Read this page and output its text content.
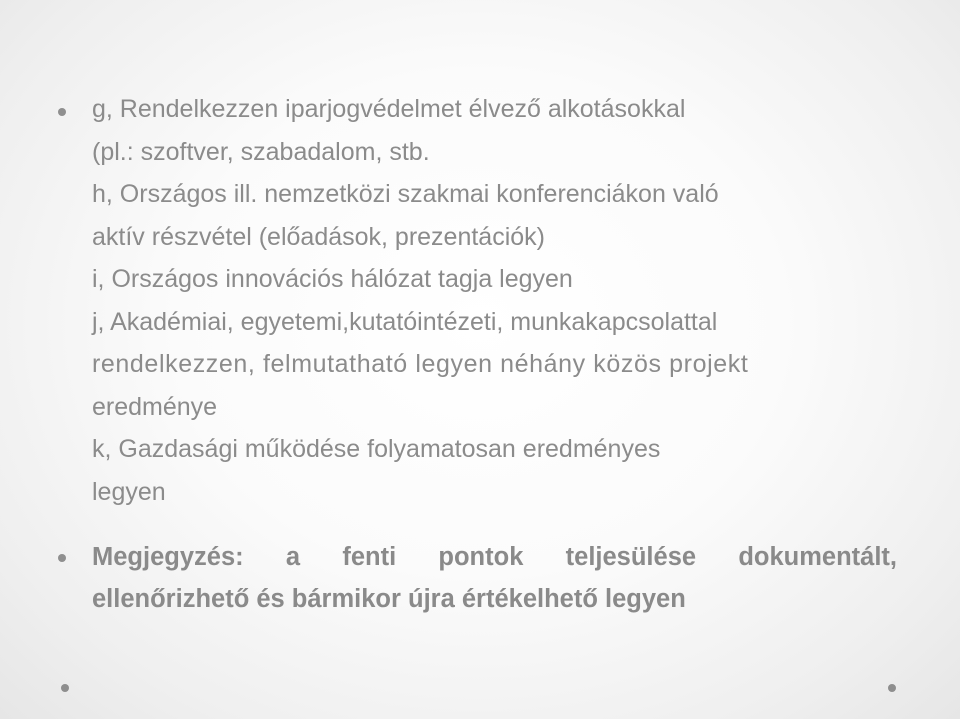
g, Rendelkezzen iparjogvédelmet élvező alkotásokkal
(pl.: szoftver, szabadalom, stb.
h, Országos ill. nemzetközi szakmai konferenciákon való
aktív részvétel (előadások, prezentációk)
i, Országos innovációs hálózat tagja legyen
j, Akadémiai, egyetemi,kutatóintézeti, munkakapcsolattal
rendelkezzen, felmutatható legyen néhány közös projekt
eredménye
k, Gazdasági működése folyamatosan eredményes
legyen
Megjegyzés: a fenti pontok teljesülése dokumentált,
ellenőrizhető és bármikor újra értékelhető legyen
